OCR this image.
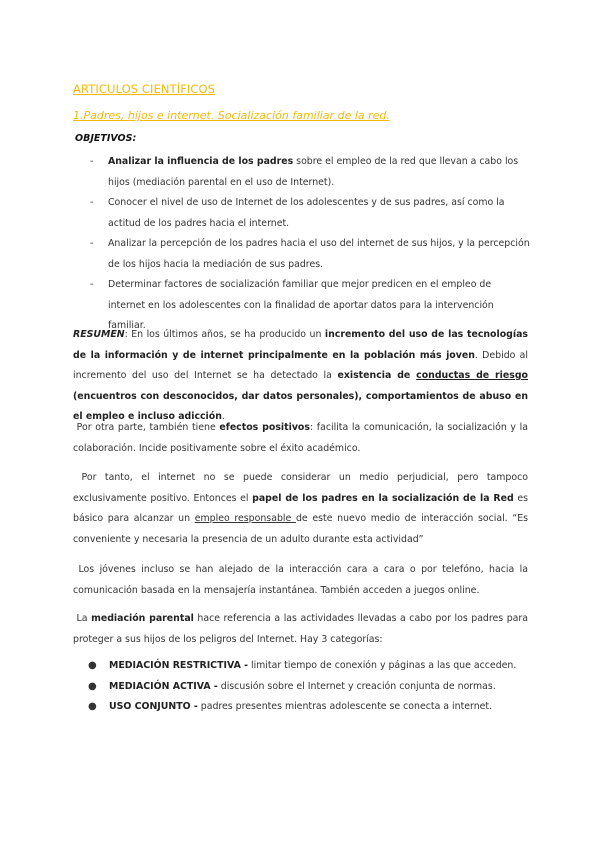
ARTICULOS CIENTÍFICOS
1.Padres, hijos e internet. Socialización familiar de la red.
OBJETIVOS:
- Analizar la influencia de los padres sobre el empleo de la red que llevan a cabo los hijos (mediación parental en el uso de Internet).
- Conocer el nivel de uso de Internet de los adolescentes y de sus padres, así como la actitud de los padres hacia el internet.
- Analizar la percepción de los padres hacia el uso del internet de sus hijos, y la percepción de los hijos hacia la mediación de sus padres.
- Determinar factores de socialización familiar que mejor predicen en el empleo de internet en los adolescentes con la finalidad de aportar datos para la intervención familiar.

RESUMEN: En los últimos años, se ha producido un incremento del uso de las tecnologías de la información y de internet principalmente en la población más joven. Debido al incremento del uso del Internet se ha detectado la existencia de conductas de riesgo (encuentros con desconocidos, dar datos personales), comportamientos de abuso en el empleo e incluso adicción.

Por otra parte, también tiene efectos positivos: facilita la comunicación, la socialización y la colaboración. Incide positivamente sobre el éxito académico.

Por tanto, el internet no se puede considerar un medio perjudicial, pero tampoco exclusivamente positivo. Entonces el papel de los padres en la socialización de la Red es básico para alcanzar un empleo responsable de este nuevo medio de interacción social. “Es conveniente y necesaria la presencia de un adulto durante esta actividad”

Los jóvenes incluso se han alejado de la interacción cara a cara o por telefóno, hacia la comunicación basada en la mensajería instantánea. También acceden a juegos online.

La mediación parental hace referencia a las actividades llevadas a cabo por los padres para proteger a sus hijos de los peligros del Internet. Hay 3 categorías:

● MEDIACIÓN RESTRICTIVA - limitar tiempo de conexión y páginas a las que acceden.
● MEDIACIÓN ACTIVA - discusión sobre el Internet y creación conjunta de normas.
● USO CONJUNTO - padres presentes mientras adolescente se conecta a internet.
